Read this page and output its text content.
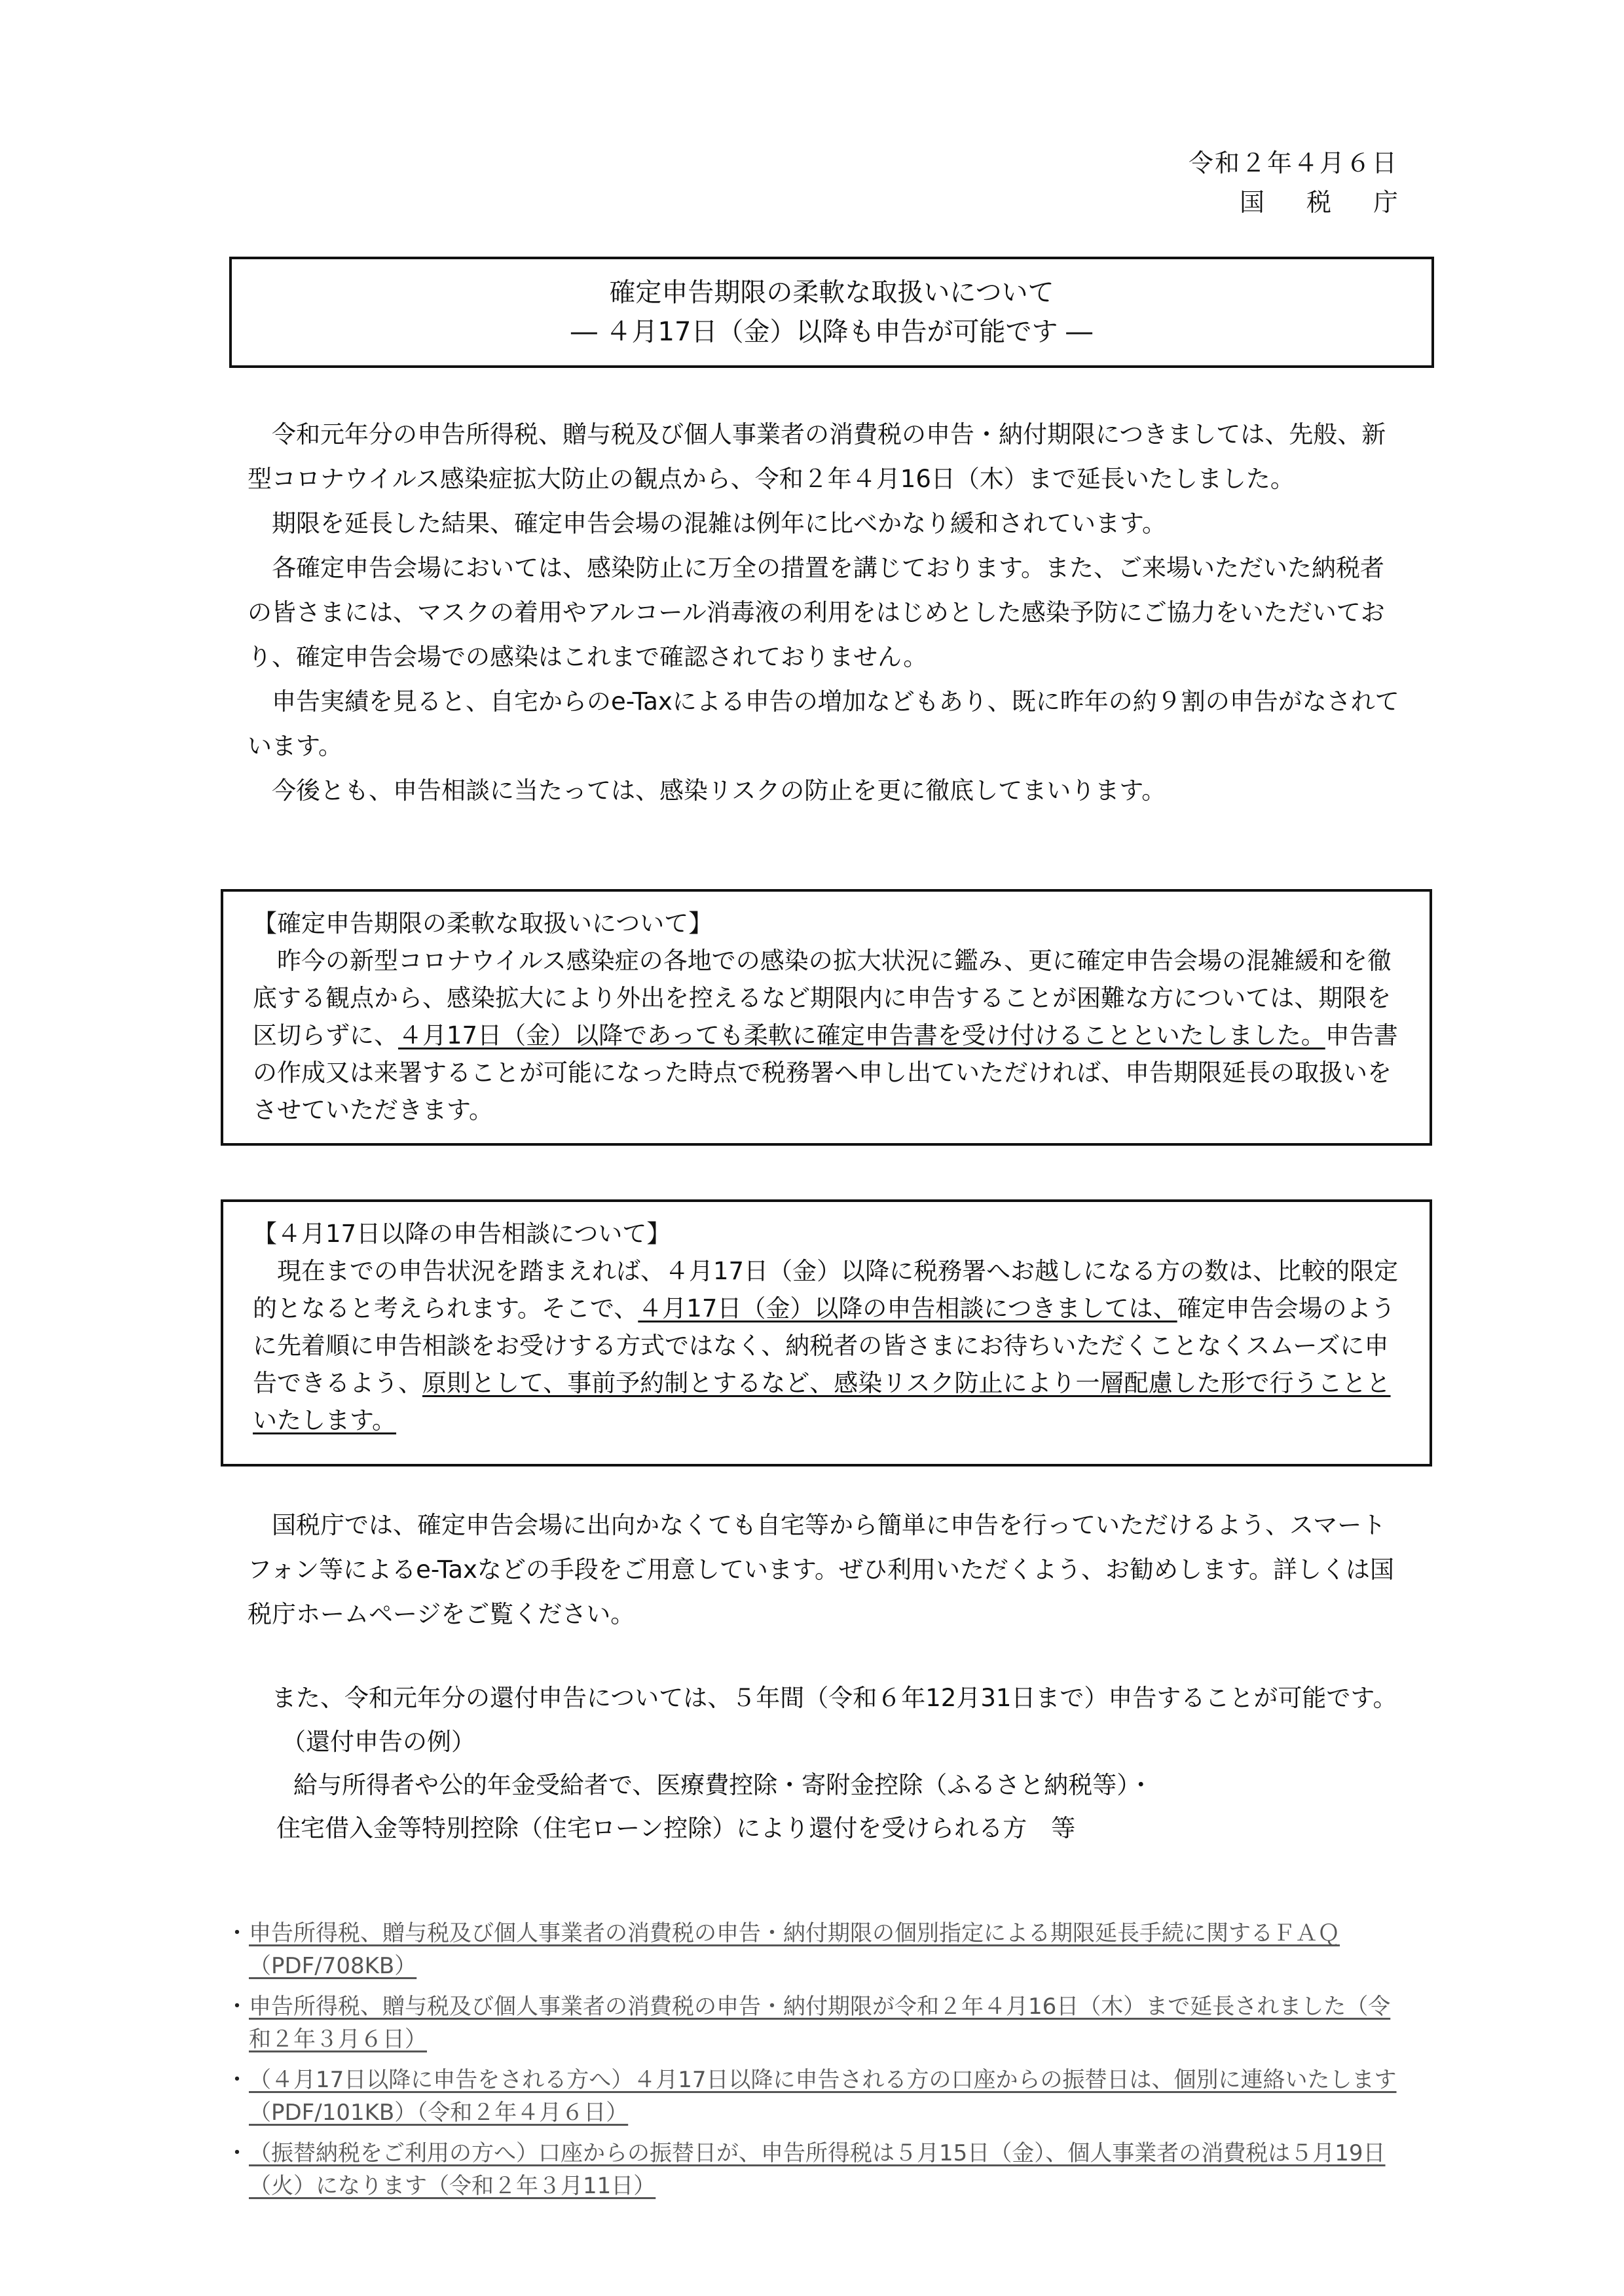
令和２年４月６日
国税庁
確定申告期限の柔軟な取扱いについて
― ４月17日（金）以降も申告が可能です ―

令和元年分の申告所得税、贈与税及び個人事業者の消費税の申告・納付期限につきましては、先般、新型コロナウイルス感染症拡大防止の観点から、令和２年４月16日（木）まで延長いたしました。

期限を延長した結果、確定申告会場の混雑は例年に比べかなり緩和されています。

各確定申告会場においては、感染防止に万全の措置を講じております。また、ご来場いただいた納税者の皆さまには、マスクの着用やアルコール消毒液の利用をはじめとした感染予防にご協力をいただいており、確定申告会場での感染はこれまで確認されておりません。

申告実績を見ると、自宅からのe-Taxによる申告の増加などもあり、既に昨年の約９割の申告がなされています。

今後とも、申告相談に当たっては、感染リスクの防止を更に徹底してまいります。

【確定申告期限の柔軟な取扱いについて】

昨今の新型コロナウイルス感染症の各地での感染の拡大状況に鑑み、更に確定申告会場の混雑緩和を徹底する観点から、感染拡大により外出を控えるなど期限内に申告することが困難な方については、期限を区切らずに、４月17日（金）以降であっても柔軟に確定申告書を受け付けることといたしました。申告書の作成又は来署することが可能になった時点で税務署へ申し出ていただければ、申告期限延長の取扱いをさせていただきます。

【４月17日以降の申告相談について】

現在までの申告状況を踏まえれば、４月17日（金）以降に税務署へお越しになる方の数は、比較的限定的となると考えられます。そこで、４月17日（金）以降の申告相談につきましては、確定申告会場のように先着順に申告相談をお受けする方式ではなく、納税者の皆さまにお待ちいただくことなくスムーズに申告できるよう、原則として、事前予約制とするなど、感染リスク防止により一層配慮した形で行うことといたします。

国税庁では、確定申告会場に出向かなくても自宅等から簡単に申告を行っていただけるよう、スマートフォン等によるe-Taxなどの手段をご用意しています。ぜひ利用いただくよう、お勧めします。詳しくは国税庁ホームページをご覧ください。

また、令和元年分の還付申告については、５年間（令和６年12月31日まで）申告することが可能です。

（還付申告の例）
給与所得者や公的年金受給者で、医療費控除・寄附金控除（ふるさと納税等）・
住宅借入金等特別控除（住宅ローン控除）により還付を受けられる方　等
・ 申告所得税、贈与税及び個人事業者の消費税の申告・納付期限の個別指定による期限延長手続に関するＦＡＱ（PDF/708KB）
・ 申告所得税、贈与税及び個人事業者の消費税の申告・納付期限が令和２年４月16日（木）まで延長されました（令和２年３月６日）
・ （４月17日以降に申告をされる方へ）４月17日以降に申告される方の口座からの振替日は、個別に連絡いたします（PDF/101KB）（令和２年４月６日）
・ （振替納税をご利用の方へ）口座からの振替日が、申告所得税は５月15日（金）、個人事業者の消費税は５月19日（火）になります（令和２年３月11日）
